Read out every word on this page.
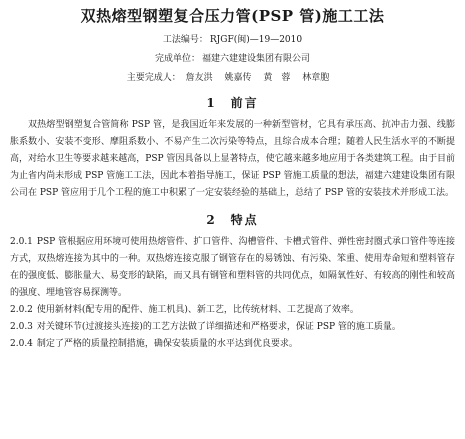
双热熔型钢塑复合压力管(PSP 管)施工工法

工法编号： RJGF(闽)—19—2010

完成单位： 福建六建建设集团有限公司

主要完成人： 詹友洪 姚嘉传 黄　蓉 林章胞

1 前言

双热熔型钢塑复合管简称 PSP 管，是我国近年来发展的一种新型管材，它具有承压高、抗冲击力强、线膨胀系数小、安装不变形、摩阻系数小、不易产生二次污染等特点，且综合成本合理；随着人民生活水平的不断提高，对给水卫生等要求越来越高，PSP 管因具备以上显著特点，使它越来越多地应用于各类建筑工程。由于目前为止省内尚未形成 PSP 管施工工法，因此本着指导施工，保证 PSP 管施工质量的想法，福建六建建设集团有限公司在 PSP 管应用于几个工程的施工中积累了一定安装经验的基础上，总结了 PSP 管的安装技术并形成工法。

2 特点

2.0.1 PSP 管根据应用环境可使用热熔管件、扩口管件、沟槽管件、卡槽式管件、弹性密封圈式承口管件等连接方式，双热熔连接为其中的一种。双热熔连接克服了钢管存在的易锈蚀、有污染、笨重、使用寿命短和塑料管存在的强度低、膨胀量大、易变形的缺陷，而又具有钢管和塑料管的共同优点，如隔氧性好、有较高的刚性和较高的强度、埋地管容易探测等。

2.0.2 使用新材料(配专用的配件、施工机具)、新工艺，比传统材料、工艺提高了效率。

2.0.3 对关键环节(过渡接头连接)的工艺方法做了详细描述和严格要求，保证 PSP 管的施工质量。

2.0.4 制定了严格的质量控制措施，确保安装质量的水平达到优良要求。
